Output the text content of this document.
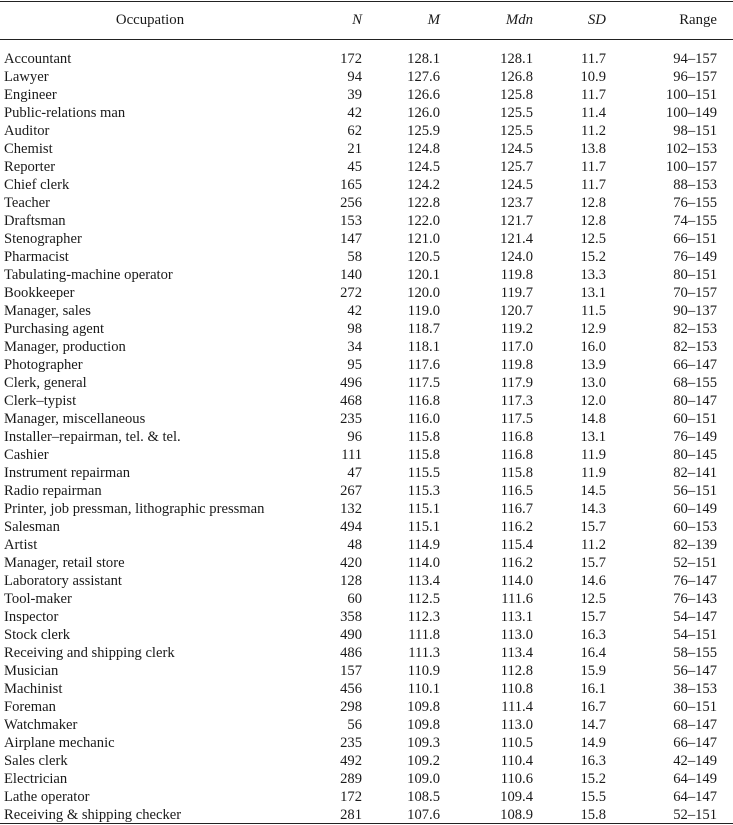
Occupation	N	M	Mdn	SD	Range
Accountant	172	128.1	128.1	11.7	94–157
Lawyer	94	127.6	126.8	10.9	96–157
Engineer	39	126.6	125.8	11.7	100–151
Public-relations man	42	126.0	125.5	11.4	100–149
Auditor	62	125.9	125.5	11.2	98–151
Chemist	21	124.8	124.5	13.8	102–153
Reporter	45	124.5	125.7	11.7	100–157
Chief clerk	165	124.2	124.5	11.7	88–153
Teacher	256	122.8	123.7	12.8	76–155
Draftsman	153	122.0	121.7	12.8	74–155
Stenographer	147	121.0	121.4	12.5	66–151
Pharmacist	58	120.5	124.0	15.2	76–149
Tabulating-machine operator	140	120.1	119.8	13.3	80–151
Bookkeeper	272	120.0	119.7	13.1	70–157
Manager, sales	42	119.0	120.7	11.5	90–137
Purchasing agent	98	118.7	119.2	12.9	82–153
Manager, production	34	118.1	117.0	16.0	82–153
Photographer	95	117.6	119.8	13.9	66–147
Clerk, general	496	117.5	117.9	13.0	68–155
Clerk–typist	468	116.8	117.3	12.0	80–147
Manager, miscellaneous	235	116.0	117.5	14.8	60–151
Installer–repairman, tel. & tel.	96	115.8	116.8	13.1	76–149
Cashier	111	115.8	116.8	11.9	80–145
Instrument repairman	47	115.5	115.8	11.9	82–141
Radio repairman	267	115.3	116.5	14.5	56–151
Printer, job pressman, lithographic pressman	132	115.1	116.7	14.3	60–149
Salesman	494	115.1	116.2	15.7	60–153
Artist	48	114.9	115.4	11.2	82–139
Manager, retail store	420	114.0	116.2	15.7	52–151
Laboratory assistant	128	113.4	114.0	14.6	76–147
Tool-maker	60	112.5	111.6	12.5	76–143
Inspector	358	112.3	113.1	15.7	54–147
Stock clerk	490	111.8	113.0	16.3	54–151
Receiving and shipping clerk	486	111.3	113.4	16.4	58–155
Musician	157	110.9	112.8	15.9	56–147
Machinist	456	110.1	110.8	16.1	38–153
Foreman	298	109.8	111.4	16.7	60–151
Watchmaker	56	109.8	113.0	14.7	68–147
Airplane mechanic	235	109.3	110.5	14.9	66–147
Sales clerk	492	109.2	110.4	16.3	42–149
Electrician	289	109.0	110.6	15.2	64–149
Lathe operator	172	108.5	109.4	15.5	64–147
Receiving & shipping checker	281	107.6	108.9	15.8	52–151
